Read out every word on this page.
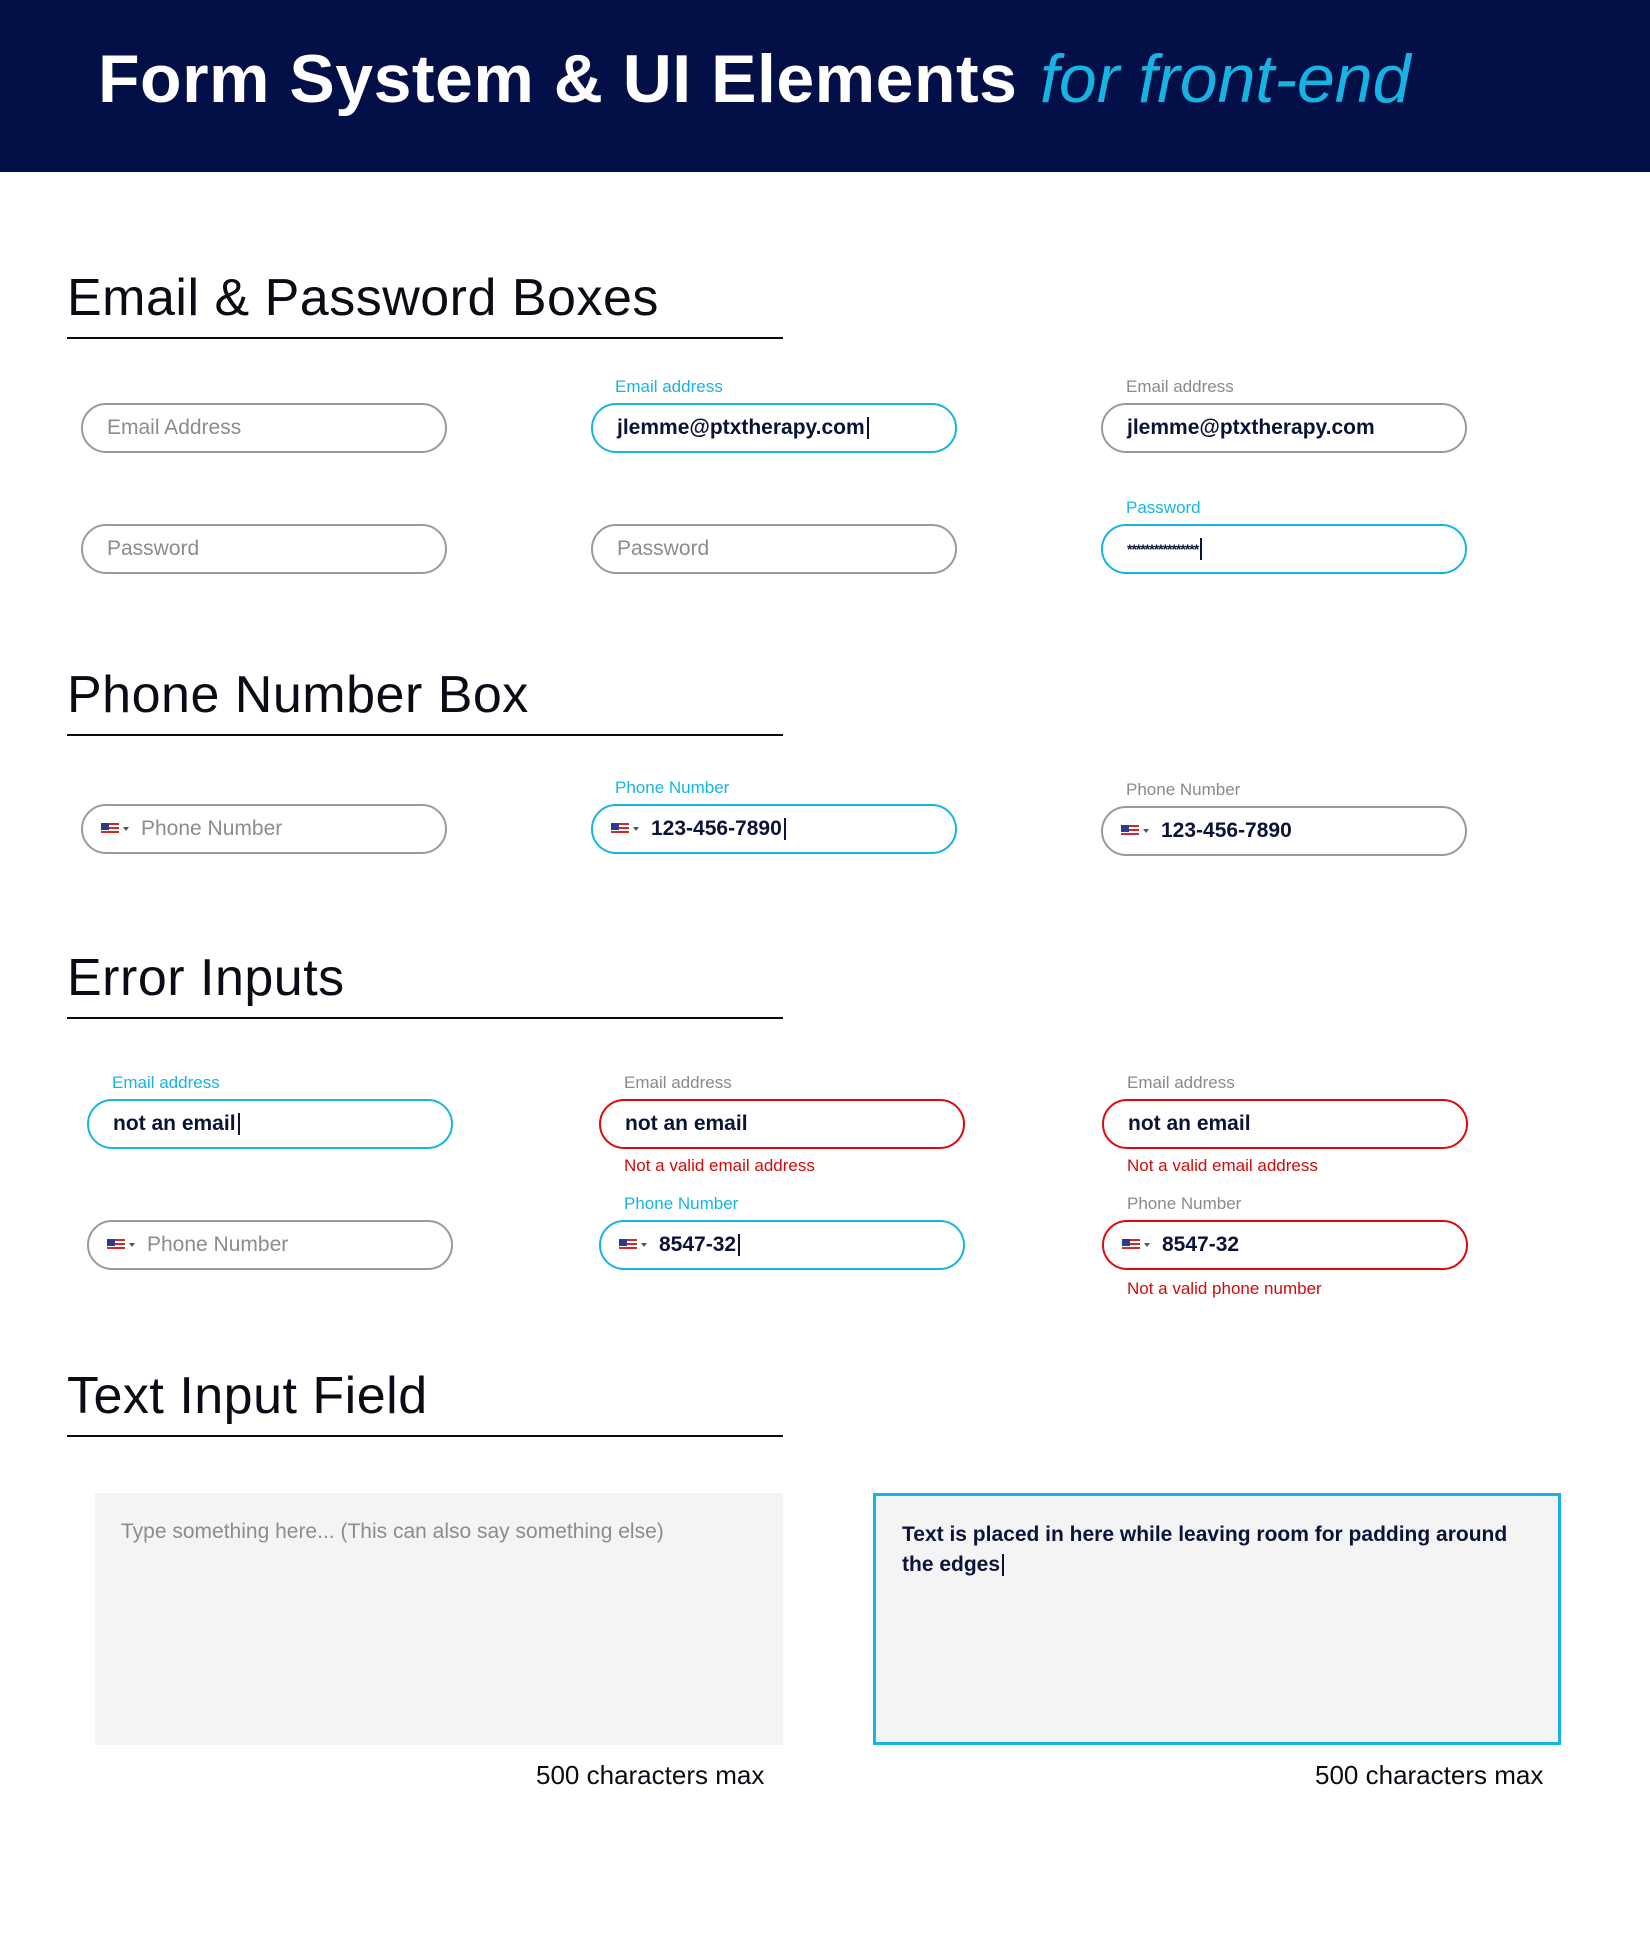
Form System & UI Elements for front-end
Email & Password Boxes
Email Address
Password
Email address
jlemme@ptxtherapy.com
Password
Email address
jlemme@ptxtherapy.com
Password
****************
Phone Number Box
Phone Number
Phone Number
123-456-7890
Phone Number
123-456-7890
Error Inputs
Email address
not an email
Phone Number
Email address
not an email
Not a valid email address
Phone Number
8547-32
Email address
not an email
Not a valid email address
Phone Number
8547-32
Not a valid phone number
Text Input Field
Type something here... (This can also say something else)
500 characters max
Text is placed in here while leaving room for padding around the edges
500 characters max
